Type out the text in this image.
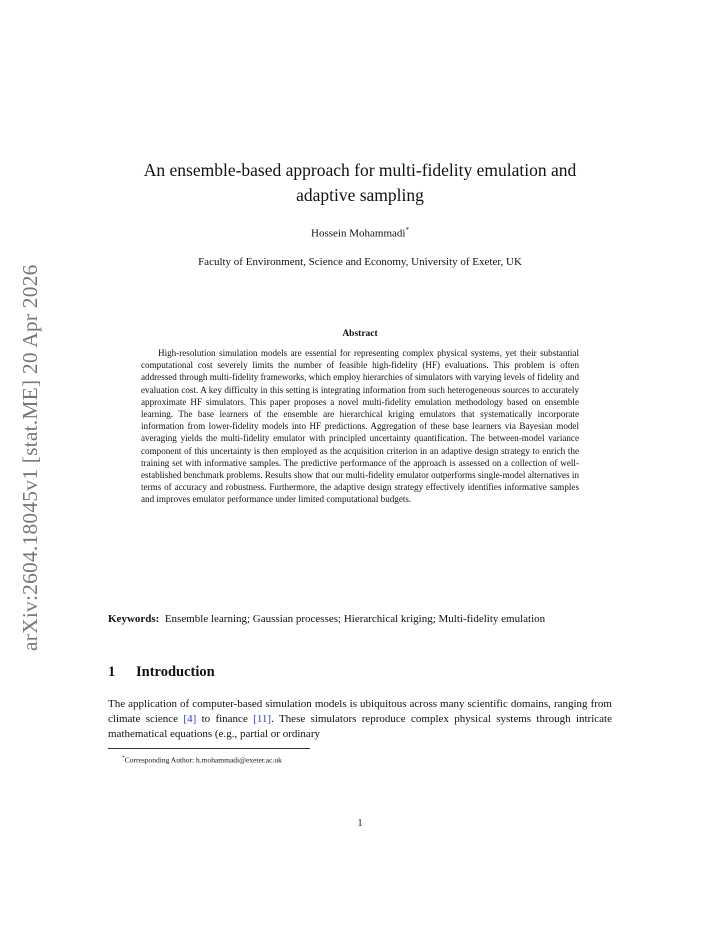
arXiv:2604.18045v1 [stat.ME] 20 Apr 2026
An ensemble-based approach for multi-fidelity emulation and
adaptive sampling
Hossein Mohammadi*
Faculty of Environment, Science and Economy, University of Exeter, UK
Abstract

High-resolution simulation models are essential for representing complex physical systems, yet their substantial computational cost severely limits the number of feasible high-fidelity (HF) evaluations. This problem is often addressed through multi-fidelity frameworks, which employ hierarchies of simulators with varying levels of fidelity and evaluation cost. A key difficulty in this setting is integrating information from such heterogeneous sources to accurately approximate HF simulators. This paper proposes a novel multi-fidelity emulation methodology based on ensemble learning. The base learners of the ensemble are hierarchical kriging emulators that systematically incorporate information from lower-fidelity models into HF predictions. Aggregation of these base learners via Bayesian model averaging yields the multi-fidelity emulator with principled uncertainty quantification. The between-model variance component of this uncertainty is then employed as the acquisition criterion in an adaptive design strategy to enrich the training set with informative samples. The predictive performance of the approach is assessed on a collection of well-established benchmark problems. Results show that our multi-fidelity emulator outperforms single-model alternatives in terms of accuracy and robustness. Furthermore, the adaptive design strategy effectively identifies informative samples and improves emulator performance under limited computational budgets.

Keywords: Ensemble learning; Gaussian processes; Hierarchical kriging; Multi-fidelity emulation

1 Introduction

The application of computer-based simulation models is ubiquitous across many scientific domains, ranging from climate science [4] to finance [11]. These simulators reproduce complex physical systems through intricate mathematical equations (e.g., partial or ordinary

*Corresponding Author: h.mohammadi@exeter.ac.uk
1
